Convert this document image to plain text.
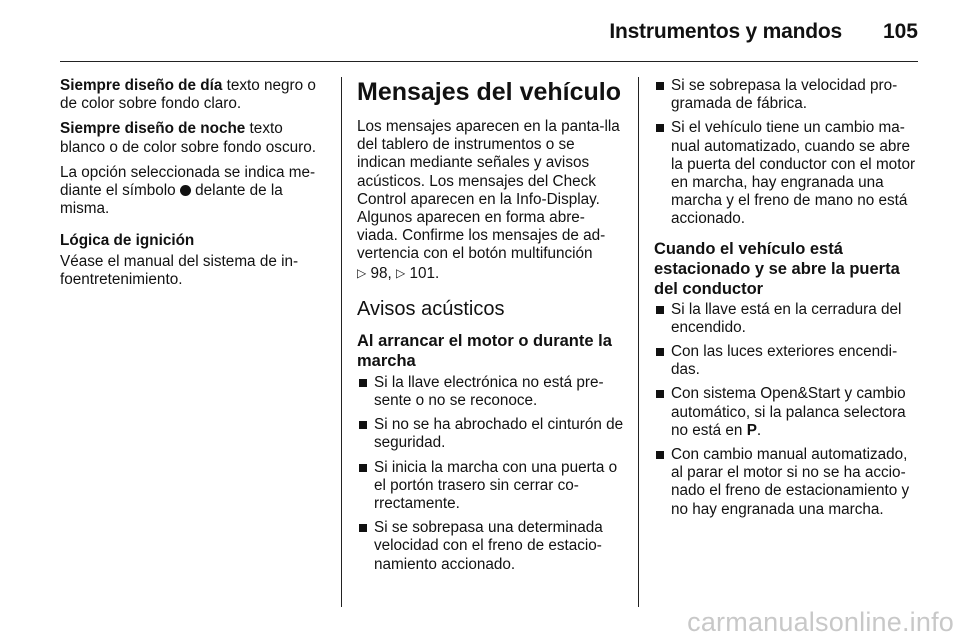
Instrumentos y mandos 105

Siempre diseño de día texto negro o de color sobre fondo claro.

Siempre diseño de noche texto blanco o de color sobre fondo oscuro.

La opción seleccionada se indica me-diante el símbolo  delante de la misma.

Lógica de ignición

Véase el manual del sistema de in-foentretenimiento.

Mensajes del vehículo

Los mensajes aparecen en la panta-lla del tablero de instrumentos o se indican mediante señales y avisos acústicos. Los mensajes del Check Control aparecen en la Info-Display. Algunos aparecen en forma abre-viada. Confirme los mensajes de ad-vertencia con el botón multifunción
▷ 98, ▷ 101.

Avisos acústicos
Al arrancar el motor o durante la marcha
Si la llave electrónica no está pre-sente o no se reconoce.
Si no se ha abrochado el cinturón de seguridad.
Si inicia la marcha con una puerta o el portón trasero sin cerrar co-rrectamente.
Si se sobrepasa una determinada velocidad con el freno de estacio-namiento accionado.
Si se sobrepasa la velocidad pro-gramada de fábrica.
Si el vehículo tiene un cambio ma-nual automatizado, cuando se abre la puerta del conductor con el motor en marcha, hay engranada una marcha y el freno de mano no está accionado.
Cuando el vehículo está estacionado y se abre la puerta del conductor
Si la llave está en la cerradura del encendido.
Con las luces exteriores encendi-das.
Con sistema Open&Start y cambio automático, si la palanca selectora no está en P.
Con cambio manual automatizado, al parar el motor si no se ha accio-nado el freno de estacionamiento y no hay engranada una marcha.
carmanualsonline.info
